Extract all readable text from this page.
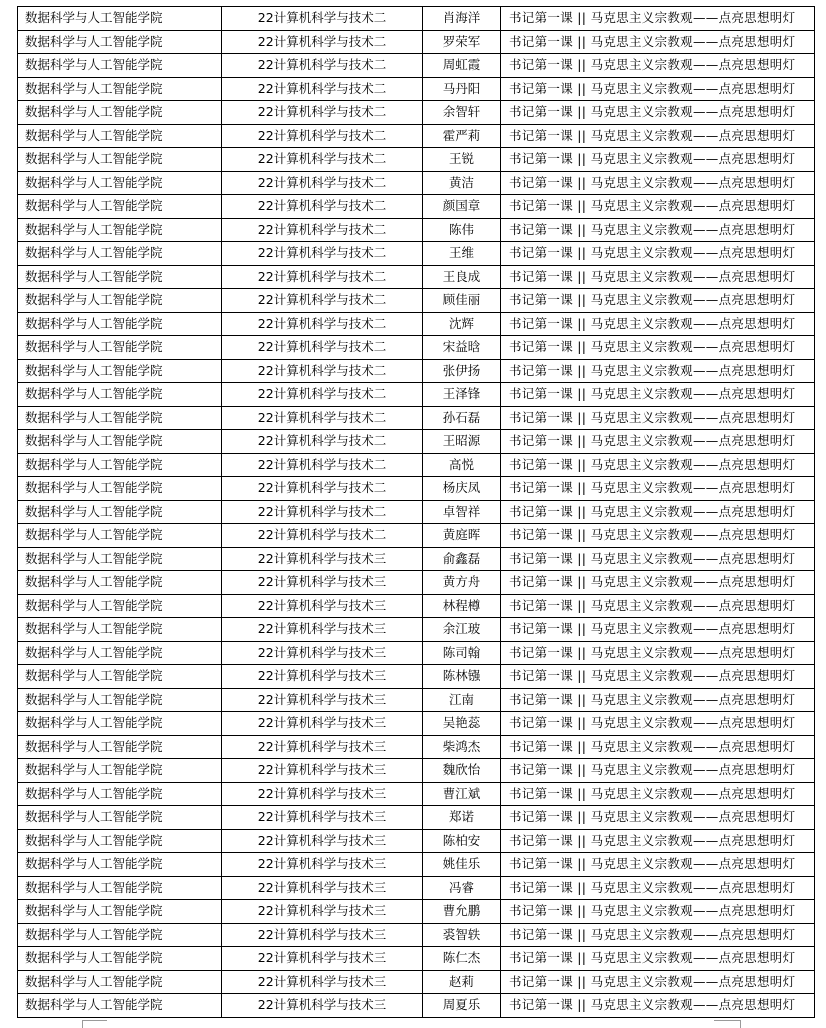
数据科学与人工智能学院	22计算机科学与技术二	肖海洋	书记第一课 || 马克思主义宗教观——点亮思想明灯
数据科学与人工智能学院	22计算机科学与技术二	罗荣军	书记第一课 || 马克思主义宗教观——点亮思想明灯
数据科学与人工智能学院	22计算机科学与技术二	周虹霞	书记第一课 || 马克思主义宗教观——点亮思想明灯
数据科学与人工智能学院	22计算机科学与技术二	马丹阳	书记第一课 || 马克思主义宗教观——点亮思想明灯
数据科学与人工智能学院	22计算机科学与技术二	余智轩	书记第一课 || 马克思主义宗教观——点亮思想明灯
数据科学与人工智能学院	22计算机科学与技术二	霍严莉	书记第一课 || 马克思主义宗教观——点亮思想明灯
数据科学与人工智能学院	22计算机科学与技术二	王锐	书记第一课 || 马克思主义宗教观——点亮思想明灯
数据科学与人工智能学院	22计算机科学与技术二	黄洁	书记第一课 || 马克思主义宗教观——点亮思想明灯
数据科学与人工智能学院	22计算机科学与技术二	颜国章	书记第一课 || 马克思主义宗教观——点亮思想明灯
数据科学与人工智能学院	22计算机科学与技术二	陈伟	书记第一课 || 马克思主义宗教观——点亮思想明灯
数据科学与人工智能学院	22计算机科学与技术二	王维	书记第一课 || 马克思主义宗教观——点亮思想明灯
数据科学与人工智能学院	22计算机科学与技术二	王良成	书记第一课 || 马克思主义宗教观——点亮思想明灯
数据科学与人工智能学院	22计算机科学与技术二	顾佳丽	书记第一课 || 马克思主义宗教观——点亮思想明灯
数据科学与人工智能学院	22计算机科学与技术二	沈辉	书记第一课 || 马克思主义宗教观——点亮思想明灯
数据科学与人工智能学院	22计算机科学与技术二	宋益晗	书记第一课 || 马克思主义宗教观——点亮思想明灯
数据科学与人工智能学院	22计算机科学与技术二	张伊扬	书记第一课 || 马克思主义宗教观——点亮思想明灯
数据科学与人工智能学院	22计算机科学与技术二	王泽锋	书记第一课 || 马克思主义宗教观——点亮思想明灯
数据科学与人工智能学院	22计算机科学与技术二	孙石磊	书记第一课 || 马克思主义宗教观——点亮思想明灯
数据科学与人工智能学院	22计算机科学与技术二	王昭源	书记第一课 || 马克思主义宗教观——点亮思想明灯
数据科学与人工智能学院	22计算机科学与技术二	高悦	书记第一课 || 马克思主义宗教观——点亮思想明灯
数据科学与人工智能学院	22计算机科学与技术二	杨庆凤	书记第一课 || 马克思主义宗教观——点亮思想明灯
数据科学与人工智能学院	22计算机科学与技术二	卓智祥	书记第一课 || 马克思主义宗教观——点亮思想明灯
数据科学与人工智能学院	22计算机科学与技术二	黄庭晖	书记第一课 || 马克思主义宗教观——点亮思想明灯
数据科学与人工智能学院	22计算机科学与技术三	俞鑫磊	书记第一课 || 马克思主义宗教观——点亮思想明灯
数据科学与人工智能学院	22计算机科学与技术三	黄方舟	书记第一课 || 马克思主义宗教观——点亮思想明灯
数据科学与人工智能学院	22计算机科学与技术三	林程樽	书记第一课 || 马克思主义宗教观——点亮思想明灯
数据科学与人工智能学院	22计算机科学与技术三	余江玻	书记第一课 || 马克思主义宗教观——点亮思想明灯
数据科学与人工智能学院	22计算机科学与技术三	陈司翰	书记第一课 || 马克思主义宗教观——点亮思想明灯
数据科学与人工智能学院	22计算机科学与技术三	陈林镪	书记第一课 || 马克思主义宗教观——点亮思想明灯
数据科学与人工智能学院	22计算机科学与技术三	江南	书记第一课 || 马克思主义宗教观——点亮思想明灯
数据科学与人工智能学院	22计算机科学与技术三	吴艳蕊	书记第一课 || 马克思主义宗教观——点亮思想明灯
数据科学与人工智能学院	22计算机科学与技术三	柴鸿杰	书记第一课 || 马克思主义宗教观——点亮思想明灯
数据科学与人工智能学院	22计算机科学与技术三	魏欣怡	书记第一课 || 马克思主义宗教观——点亮思想明灯
数据科学与人工智能学院	22计算机科学与技术三	曹江斌	书记第一课 || 马克思主义宗教观——点亮思想明灯
数据科学与人工智能学院	22计算机科学与技术三	郑诺	书记第一课 || 马克思主义宗教观——点亮思想明灯
数据科学与人工智能学院	22计算机科学与技术三	陈柏安	书记第一课 || 马克思主义宗教观——点亮思想明灯
数据科学与人工智能学院	22计算机科学与技术三	姚佳乐	书记第一课 || 马克思主义宗教观——点亮思想明灯
数据科学与人工智能学院	22计算机科学与技术三	冯睿	书记第一课 || 马克思主义宗教观——点亮思想明灯
数据科学与人工智能学院	22计算机科学与技术三	曹允鹏	书记第一课 || 马克思主义宗教观——点亮思想明灯
数据科学与人工智能学院	22计算机科学与技术三	裘智轶	书记第一课 || 马克思主义宗教观——点亮思想明灯
数据科学与人工智能学院	22计算机科学与技术三	陈仁杰	书记第一课 || 马克思主义宗教观——点亮思想明灯
数据科学与人工智能学院	22计算机科学与技术三	赵莉	书记第一课 || 马克思主义宗教观——点亮思想明灯
数据科学与人工智能学院	22计算机科学与技术三	周夏乐	书记第一课 || 马克思主义宗教观——点亮思想明灯
